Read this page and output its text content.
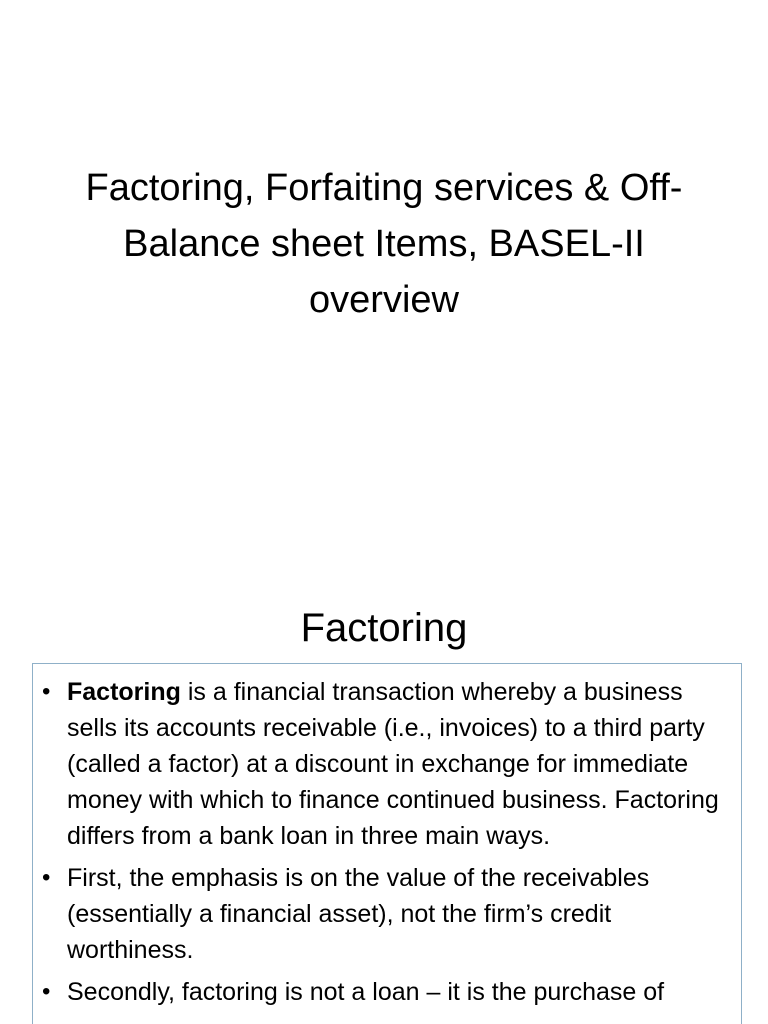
Factoring, Forfaiting services & Off-
Balance sheet Items, BASEL-II
overview
Factoring
• Factoring is a financial transaction whereby a business sells its accounts receivable (i.e., invoices) to a third party (called a factor) at a discount in exchange for immediate money with which to finance continued business. Factoring differs from a bank loan in three main ways.
• First, the emphasis is on the value of the receivables (essentially a financial asset), not the firm’s credit worthiness.
• Secondly, factoring is not a loan – it is the purchase of
